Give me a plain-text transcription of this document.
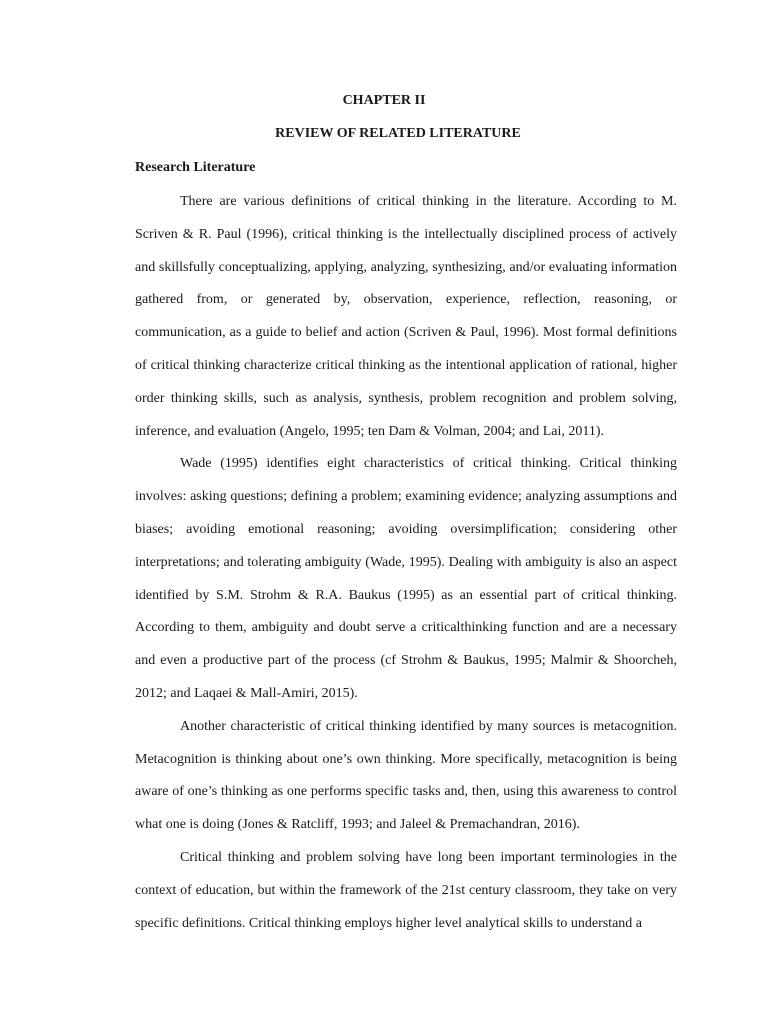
CHAPTER II
REVIEW OF RELATED LITERATURE
Research Literature

There are various definitions of critical thinking in the literature. According to M. Scriven & R. Paul (1996), critical thinking is the intellectually disciplined process of actively and skillsfully conceptualizing, applying, analyzing, synthesizing, and/or evaluating information gathered from, or generated by, observation, experience, reflection, reasoning, or communication, as a guide to belief and action (Scriven & Paul, 1996). Most formal definitions of critical thinking characterize critical thinking as the intentional application of rational, higher order thinking skills, such as analysis, synthesis, problem recognition and problem solving, inference, and evaluation (Angelo, 1995; ten Dam & Volman, 2004; and Lai, 2011).

Wade (1995) identifies eight characteristics of critical thinking. Critical thinking involves: asking questions; defining a problem; examining evidence; analyzing assumptions and biases; avoiding emotional reasoning; avoiding oversimplification; considering other interpretations; and tolerating ambiguity (Wade, 1995). Dealing with ambiguity is also an aspect identified by S.M. Strohm & R.A. Baukus (1995) as an essential part of critical thinking. According to them, ambiguity and doubt serve a criticalthinking function and are a necessary and even a productive part of the process (cf Strohm & Baukus, 1995; Malmir & Shoorcheh, 2012; and Laqaei & Mall-Amiri, 2015).

Another characteristic of critical thinking identified by many sources is metacognition. Metacognition is thinking about one’s own thinking. More specifically, metacognition is being aware of one’s thinking as one performs specific tasks and, then, using this awareness to control what one is doing (Jones & Ratcliff, 1993; and Jaleel & Premachandran, 2016).

Critical thinking and problem solving have long been important terminologies in the context of education, but within the framework of the 21st century classroom, they take on very specific definitions. Critical thinking employs higher level analytical skills to understand a
